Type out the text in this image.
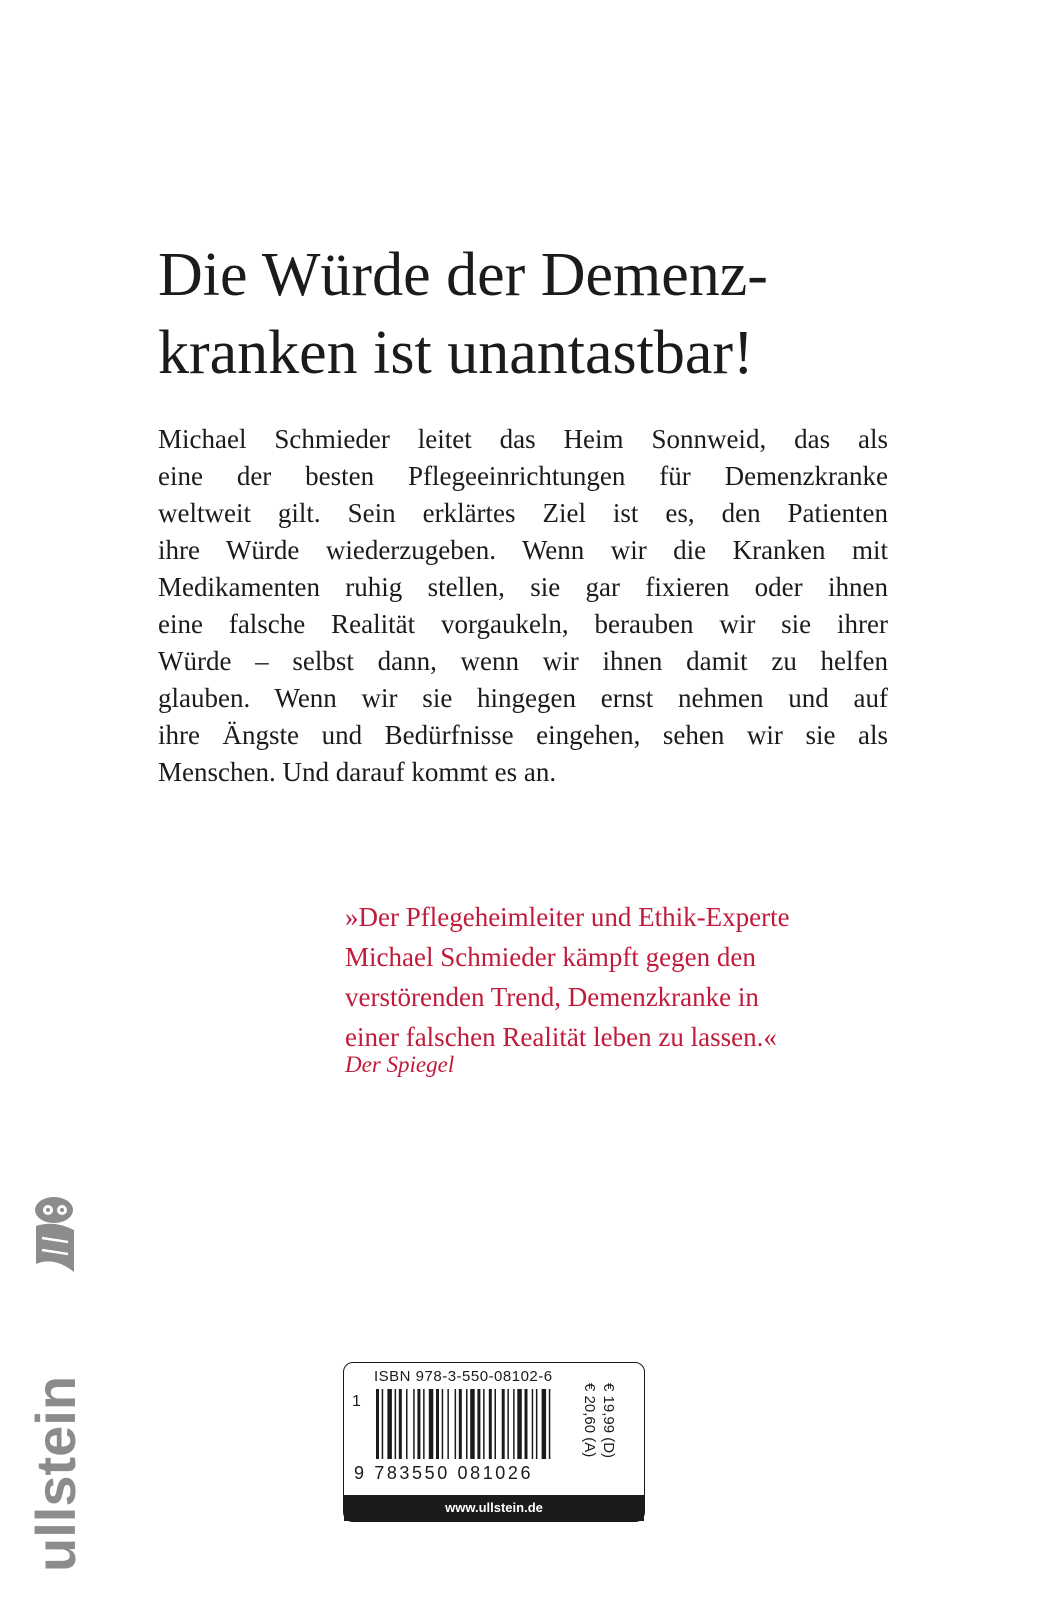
Die Würde der Demenz-
kranken ist unantastbar!
Michael Schmieder leitet das Heim Sonnweid, das als
eine der besten Pflegeeinrichtungen für Demenzkranke
weltweit gilt. Sein erklärtes Ziel ist es, den Patienten
ihre Würde wiederzugeben. Wenn wir die Kranken mit
Medikamenten ruhig stellen, sie gar fixieren oder ihnen
eine falsche Realität vorgaukeln, berauben wir sie ihrer
Würde – selbst dann, wenn wir ihnen damit zu helfen
glauben. Wenn wir sie hingegen ernst nehmen und auf
ihre Ängste und Bedürfnisse eingehen, sehen wir sie als
Menschen. Und darauf kommt es an.
»Der Pflegeheimleiter und Ethik-Experte
Michael Schmieder kämpft gegen den
verstörenden Trend, Demenzkranke in
einer falschen Realität leben zu lassen.«
Der Spiegel
ullstein	ISBN 978-3-550-08102-6
1
9 783550 081026
€ 19,99 (D)
€ 20,60 (A)
www.ullstein.de
